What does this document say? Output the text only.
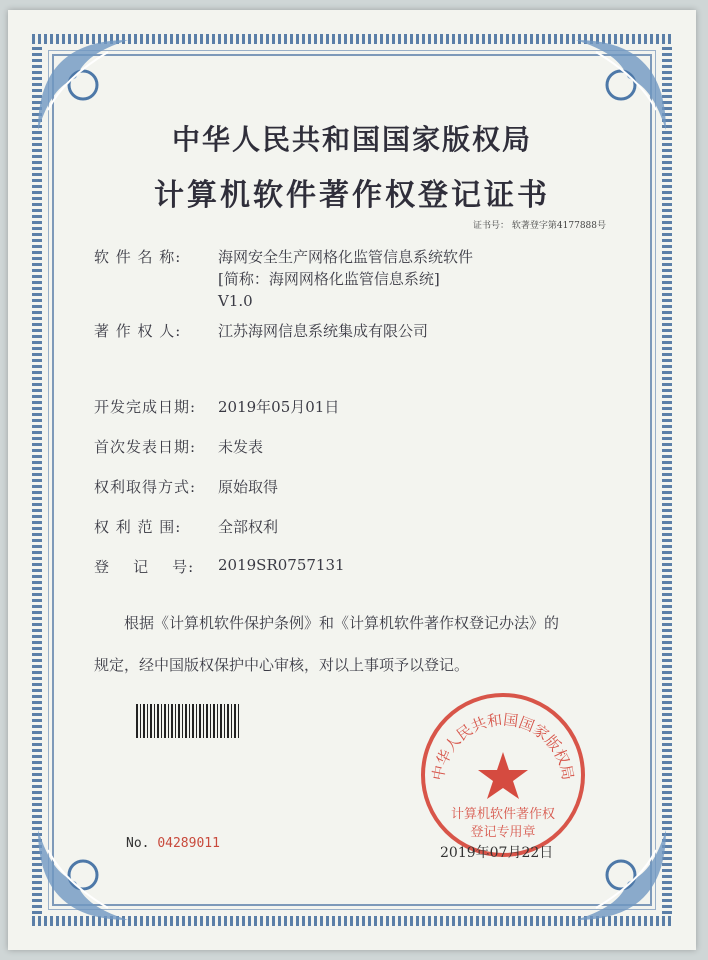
中华人民共和国国家版权局
计算机软件著作权登记证书
证书号： 软著登字第4177888号
软 件 名 称:	海网安全生产网格化监管信息系统软件
[简称：海网网格化监管信息系统]
V1.0
著 作 权 人:	江苏海网信息系统集成有限公司
开发完成日期:	2019年05月01日
首次发表日期:	未发表
权利取得方式:	原始取得
权 利 范 围:	全部权利
登    记    号:	2019SR0757131
根据《计算机软件保护条例》和《计算机软件著作权登记办法》的
规定，经中国版权保护中心审核，对以上事项予以登记。
No. 04289011
中华人民共和国国家版权局
计算机软件著作权
登记专用章
2019年07月22日
